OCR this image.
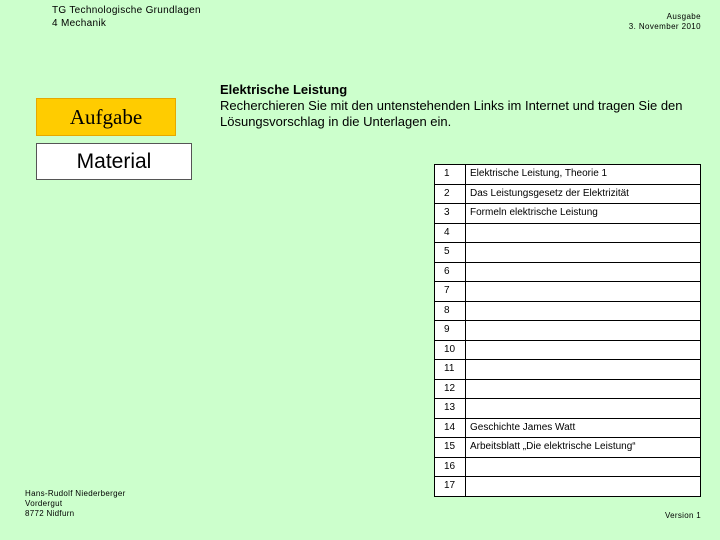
TG Technologische Grundlagen
4 Mechanik
Ausgabe
3. November 2010
Aufgabe
Material
Elektrische Leistung
Recherchieren Sie mit den untenstehenden Links im Internet und tragen Sie den Lösungsvorschlag in die Unterlagen ein.
1	Elektrische Leistung, Theorie 1
2	Das Leistungsgesetz der Elektrizität
3	Formeln elektrische Leistung
4	
5	
6	
7	
8	
9	
10	
11	
12	
13	
14	Geschichte James Watt
15	Arbeitsblatt „Die elektrische Leistung“
16	
17	
Hans-Rudolf Niederberger
Vordergut
8772 Nidfurn	Version 1
